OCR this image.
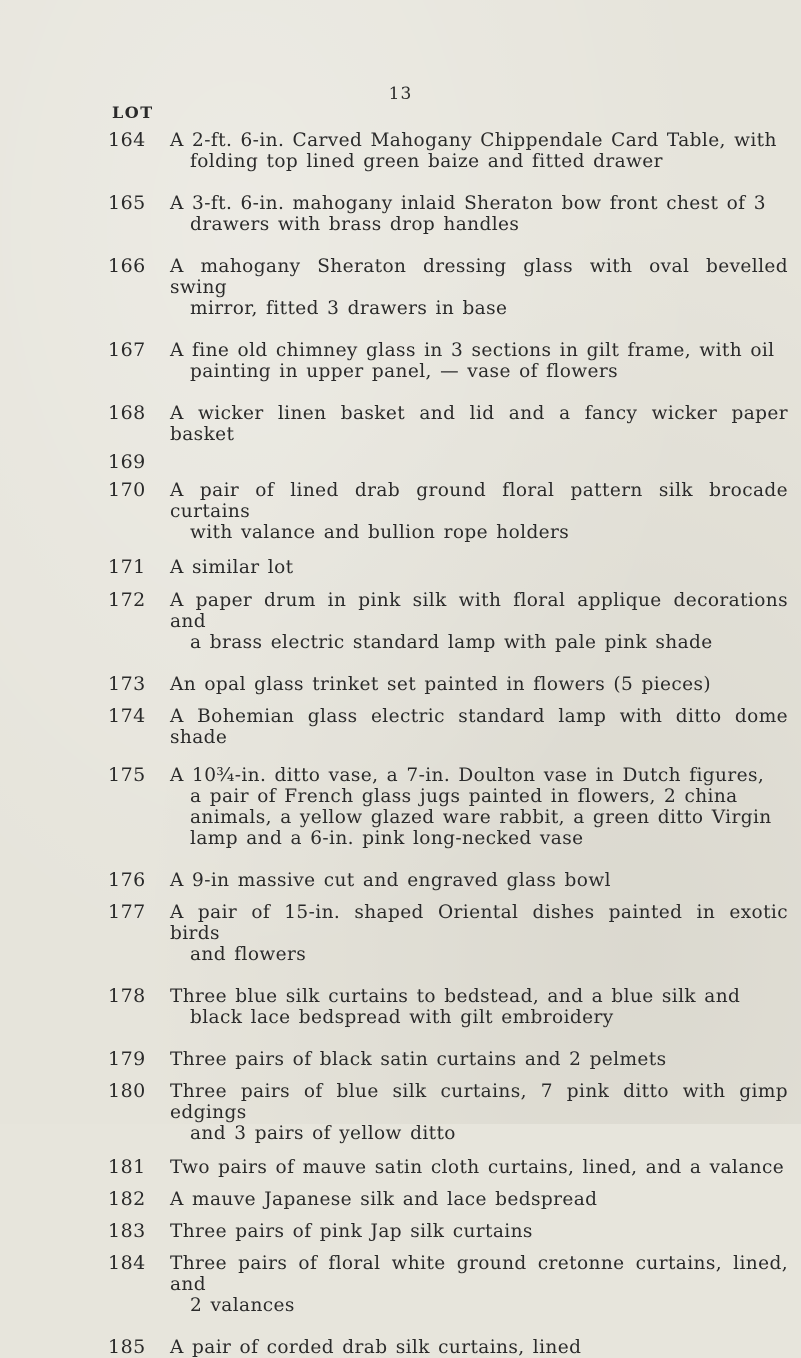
13
LOT
164	A 2-ft. 6-in. Carved Mahogany Chippendale Card Table, with
folding top lined green baize and fitted drawer
165	A 3-ft. 6-in. mahogany inlaid Sheraton bow front chest of 3
drawers with brass drop handles
166	A mahogany Sheraton dressing glass with oval bevelled swing
mirror, fitted 3 drawers in base
167	A fine old chimney glass in 3 sections in gilt frame, with oil
painting in upper panel, — vase of flowers
168	A wicker linen basket and lid and a fancy wicker paper basket
169

170	A pair of lined drab ground floral pattern silk brocade curtains
with valance and bullion rope holders
171	A similar lot
172	A paper drum in pink silk with floral applique decorations and
a brass electric standard lamp with pale pink shade
173	An opal glass trinket set painted in flowers (5 pieces)
174	A Bohemian glass electric standard lamp with ditto dome shade
175	A 10¾-in. ditto vase, a 7-in. Doulton vase in Dutch figures,
a pair of French glass jugs painted in flowers, 2 china
animals, a yellow glazed ware rabbit, a green ditto Virgin
lamp and a 6-in. pink long-necked vase
176	A 9-in massive cut and engraved glass bowl
177	A pair of 15-in. shaped Oriental dishes painted in exotic birds
and flowers
178	Three blue silk curtains to bedstead, and a blue silk and
black lace bedspread with gilt embroidery
179	Three pairs of black satin curtains and 2 pelmets
180	Three pairs of blue silk curtains, 7 pink ditto with gimp edgings
and 3 pairs of yellow ditto
181	Two pairs of mauve satin cloth curtains, lined, and a valance
182	A mauve Japanese silk and lace bedspread
183	Three pairs of pink Jap silk curtains
184	Three pairs of floral white ground cretonne curtains, lined, and
2 valances
185	A pair of corded drab silk curtains, lined
